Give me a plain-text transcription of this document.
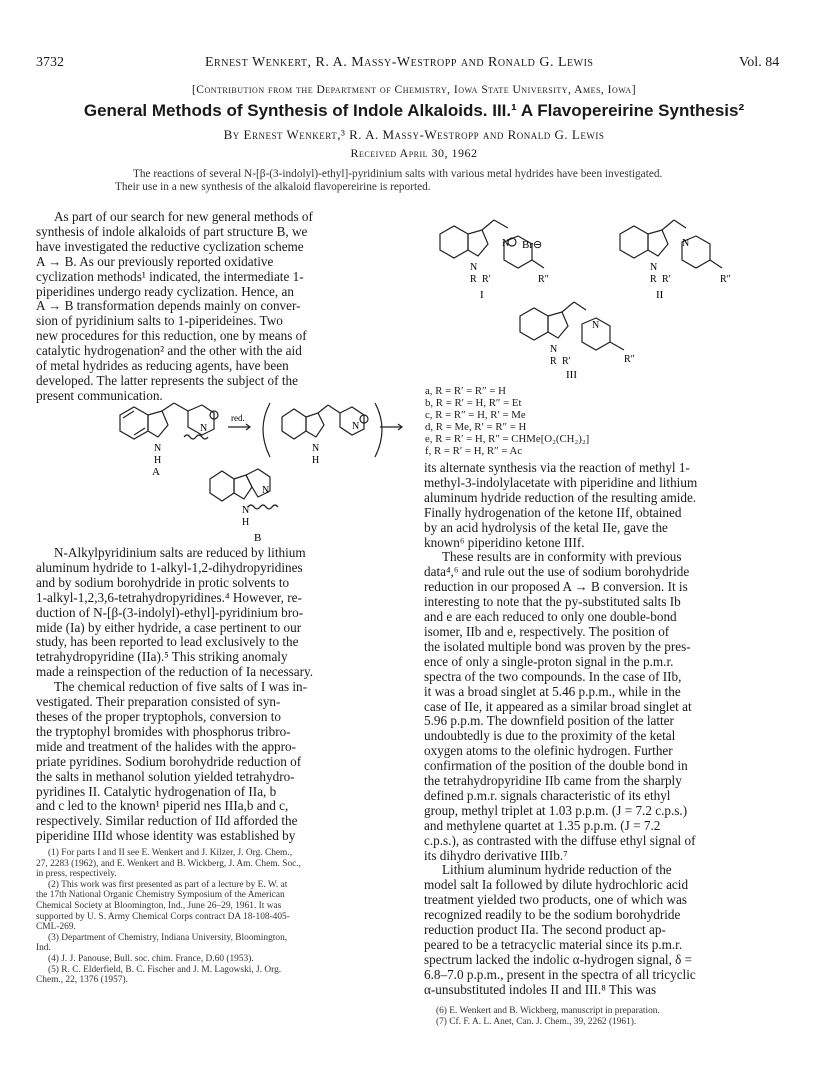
3732	Ernest Wenkert, R. A. Massy-Westropp and Ronald G. Lewis	Vol. 84
[Contribution from the Department of Chemistry, Iowa State University, Ames, Iowa]
General Methods of Synthesis of Indole Alkaloids. III.¹ A Flavopereirine Synthesis²
By Ernest Wenkert,³ R. A. Massy-Westropp and Ronald G. Lewis
Received April 30, 1962
The reactions of several N-[β-(3-indolyl)-ethyl]-pyridinium salts with various metal hydrides have been investigated.
Their use in a new synthesis of the alkaloid flavopereirine is reported.
As part of our search for new general methods of
synthesis of indole alkaloids of part structure B, we
have investigated the reductive cyclization scheme
A → B. As our previously reported oxidative
cyclization methods¹ indicated, the intermediate 1-
piperidines undergo ready cyclization. Hence, an
A → B transformation depends mainly on conver-
sion of pyridinium salts to 1-piperideines. Two
new procedures for this reduction, one by means of
catalytic hydrogenation² and the other with the aid
of metal hydrides as reducing agents, have been
developed. The latter represents the subject of the
present communication.
N
H
N
A
red.
N
H
N
N
H
N
B
N-Alkylpyridinium salts are reduced by lithium
aluminum hydride to 1-alkyl-1,2-dihydropyridines
and by sodium borohydride in protic solvents to
1-alkyl-1,2,3,6-tetrahydropyridines.⁴ However, re-
duction of N-[β-(3-indolyl)-ethyl]-pyridinium bro-
mide (Ia) by either hydride, a case pertinent to our
study, has been reported to lead exclusively to the
tetrahydropyridine (IIa).⁵ This striking anomaly
made a reinspection of the reduction of Ia necessary.
The chemical reduction of five salts of I was in-
vestigated. Their preparation consisted of syn-
theses of the proper tryptophols, conversion to
the tryptophyl bromides with phosphorus tribro-
mide and treatment of the halides with the appro-
priate pyridines. Sodium borohydride reduction of
the salts in methanol solution yielded tetrahydro-
pyridines II. Catalytic hydrogenation of IIa, b
and c led to the known¹ piperid nes IIIa,b and c,
respectively. Similar reduction of IId afforded the
piperidine IIId whose identity was established by
(1) For parts I and II see E. Wenkert and J. Kilzer, J. Org. Chem.,
27, 2283 (1962), and E. Wenkert and B. Wickberg, J. Am. Chem. Soc.,
in press, respectively.
(2) This work was first presented as part of a lecture by E. W. at
the 17th National Organic Chemistry Symposium of the American
Chemical Society at Bloomington, Ind., June 26–29, 1961. It was
supported by U. S. Army Chemical Corps contract DA 18-108-405-
CML-269.
(3) Department of Chemistry, Indiana University, Bloomington,
Ind.
(4) J. J. Panouse, Bull. soc. chim. France, D.60 (1953).
(5) R. C. Elderfield, B. C. Fischer and J. M. Lagowski, J. Org.
Chem., 22, 1376 (1957).
N
R R′
N Br⊖
R″
I
N
R R′
N
R″
II
N
R R′
N
R″
III
a, R = R′ = R″ = H
b, R = R′ = H, R″ = Et
c, R = R″ = H, R′ = Me
d, R = Me, R′ = R″ = H
e, R = R′ = H, R″ = CHMe[O₂(CH₂)₂]
f, R = R′ = H, R″ = Ac
its alternate synthesis via the reaction of methyl 1-
methyl-3-indolylacetate with piperidine and lithium
aluminum hydride reduction of the resulting amide.
Finally hydrogenation of the ketone IIf, obtained
by an acid hydrolysis of the ketal IIe, gave the
known⁶ piperidino ketone IIIf.
These results are in conformity with previous
data⁴,⁶ and rule out the use of sodium borohydride
reduction in our proposed A → B conversion. It is
interesting to note that the py-substituted salts Ib
and e are each reduced to only one double-bond
isomer, IIb and e, respectively. The position of
the isolated multiple bond was proven by the pres-
ence of only a single-proton signal in the p.m.r.
spectra of the two compounds. In the case of IIb,
it was a broad singlet at 5.46 p.p.m., while in the
case of IIe, it appeared as a similar broad singlet at
5.96 p.p.m. The downfield position of the latter
undoubtedly is due to the proximity of the ketal
oxygen atoms to the olefinic hydrogen. Further
confirmation of the position of the double bond in
the tetrahydropyridine IIb came from the sharply
defined p.m.r. signals characteristic of its ethyl
group, methyl triplet at 1.03 p.p.m. (J = 7.2 c.p.s.)
and methylene quartet at 1.35 p.p.m. (J = 7.2
c.p.s.), as contrasted with the diffuse ethyl signal of
its dihydro derivative IIIb.⁷
Lithium aluminum hydride reduction of the
model salt Ia followed by dilute hydrochloric acid
treatment yielded two products, one of which was
recognized readily to be the sodium borohydride
reduction product IIa. The second product ap-
peared to be a tetracyclic material since its p.m.r.
spectrum lacked the indolic α-hydrogen signal, δ =
6.8–7.0 p.p.m., present in the spectra of all tricyclic
α-unsubstituted indoles II and III.⁸ This was
(6) E. Wenkert and B. Wickberg, manuscript in preparation.
(7) Cf. F. A. L. Anet, Can. J. Chem., 39, 2262 (1961).
